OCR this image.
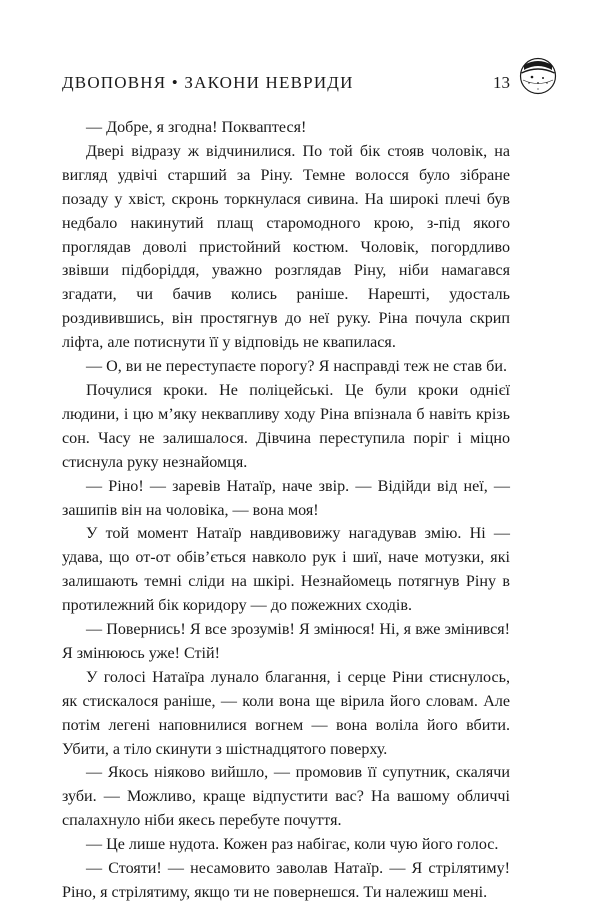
ДВОПОВНЯ • ЗАКОНИ НЕВРИДИ	13

— Добре, я згодна! Покваптеся!

Двері відразу ж відчинилися. По той бік стояв чоловік, на вигляд удвічі старший за Ріну. Темне волосся було зібране позаду у хвіст, скронь торкнулася сивина. На широкі плечі був недбало накинутий плащ старомодного крою, з-під якого проглядав доволі пристойний костюм. Чоловік, погордливо звівши підборіддя, уважно розглядав Ріну, ніби намагався згадати, чи бачив колись раніше. Нарешті, удосталь роздивившись, він простягнув до неї руку. Ріна почула скрип ліфта, але потиснути її у відповідь не квапилася.

— О, ви не переступаєте порогу? Я насправді теж не став би.

Почулися кроки. Не поліцейські. Це були кроки однієї людини, і цю м’яку неквапливу ходу Ріна впізнала б навіть крізь сон. Часу не залишалося. Дівчина переступила поріг і міцно стиснула руку незнайомця.

— Ріно! — заревів Натаїр, наче звір. — Відійди від неї, — зашипів він на чоловіка, — вона моя!

У той момент Натаїр навдивовижу нагадував змію. Ні — удава, що от-от обів’ється навколо рук і шиї, наче мотузки, які залишають темні сліди на шкірі. Незнайомець потягнув Ріну в протилежний бік коридору — до пожежних сходів.

— Повернись! Я все зрозумів! Я змінюся! Ні, я вже змінився! Я змінююсь уже! Стій!

У голосі Натаїра лунало благання, і серце Ріни стиснулось, як стискалося раніше, — коли вона ще вірила його словам. Але потім легені наповнилися вогнем — вона воліла його вбити. Убити, а тіло скинути з шістнадцятого поверху.

— Якось ніяково вийшло, — промовив її супутник, скалячи зуби. — Можливо, краще відпустити вас? На вашому обличчі спалахнуло ніби якесь перебуте почуття.

— Це лише нудота. Кожен раз набігає, коли чую його голос.

— Стояти! — несамовито заволав Натаїр. — Я стрілятиму! Ріно, я стрілятиму, якщо ти не повернешся. Ти належиш мені.
